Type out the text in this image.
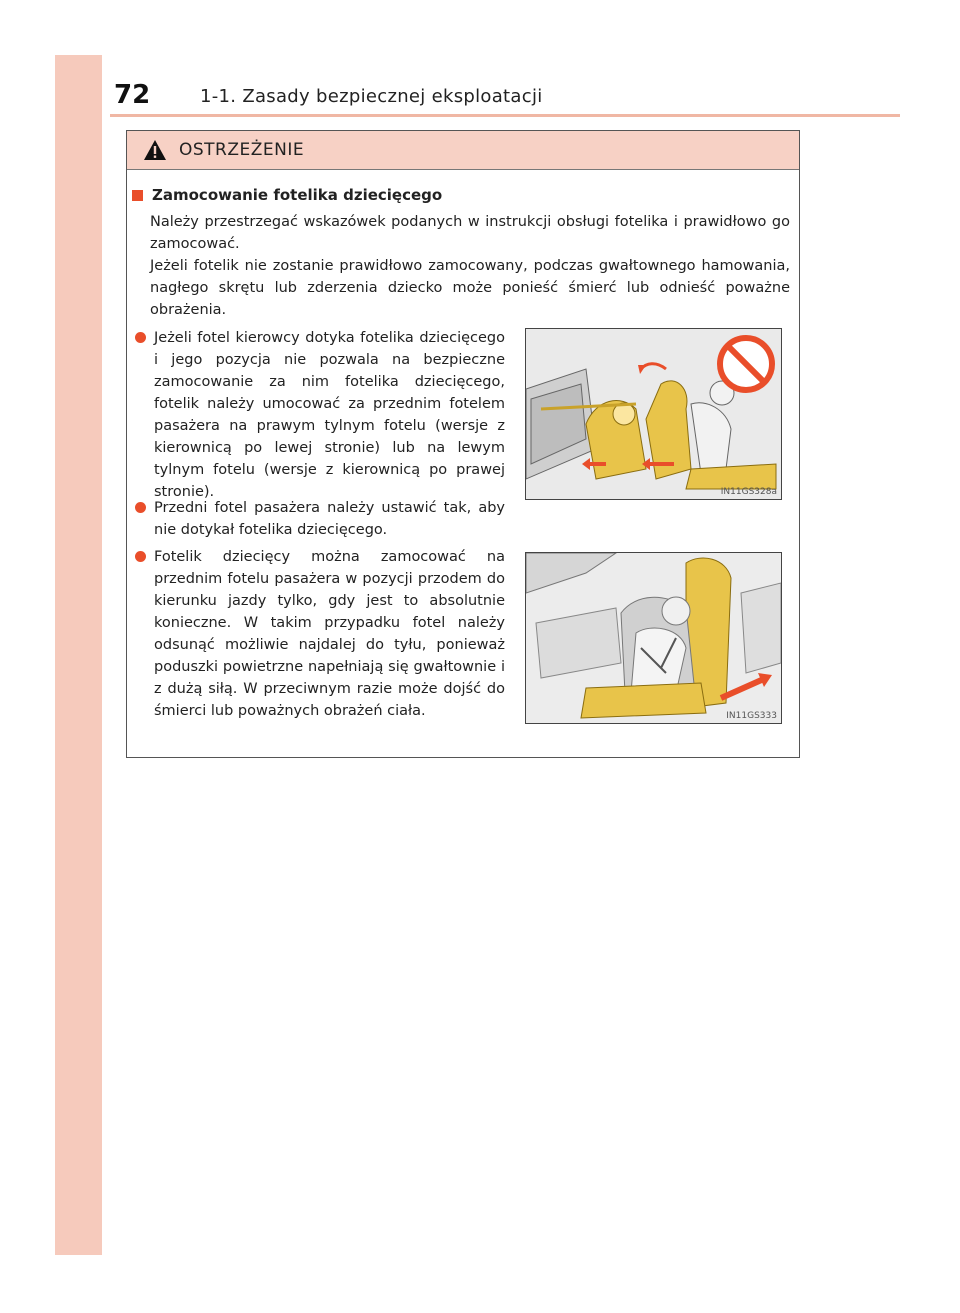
72	1-1. Zasady bezpiecznej eksploatacji
OSTRZEŻENIE
Zamocowanie fotelika dziecięcego

Należy przestrzegać wskazówek podanych w instrukcji obsługi fotelika i prawidłowo go zamocować.

Jeżeli fotelik nie zostanie prawidłowo zamocowany, podczas gwałtownego hamowania, nagłego skrętu lub zderzenia dziecko może ponieść śmierć lub odnieść poważne obrażenia.

Jeżeli fotel kierowcy dotyka fotelika dziecięcego i jego pozycja nie pozwala na bezpieczne zamocowanie za nim fotelika dziecięcego, fotelik należy umocować za przednim fotelem pasażera na prawym tylnym fotelu (wersje z kierownicą po lewej stronie) lub na lewym tylnym fotelu (wersje z kierownicą po prawej stronie).
Przedni fotel pasażera należy ustawić tak, aby nie dotykał fotelika dziecięcego.
Fotelik dziecięcy można zamocować na przednim fotelu pasażera w pozycji przodem do kierunku jazdy tylko, gdy jest to absolutnie konieczne. W takim przypadku fotel należy odsunąć możliwie najdalej do tyłu, ponieważ poduszki powietrzne napełniają się gwałtownie i z dużą siłą. W przeciwnym razie może dojść do śmierci lub poważnych obrażeń ciała.
IN11GS328a
IN11GS333
